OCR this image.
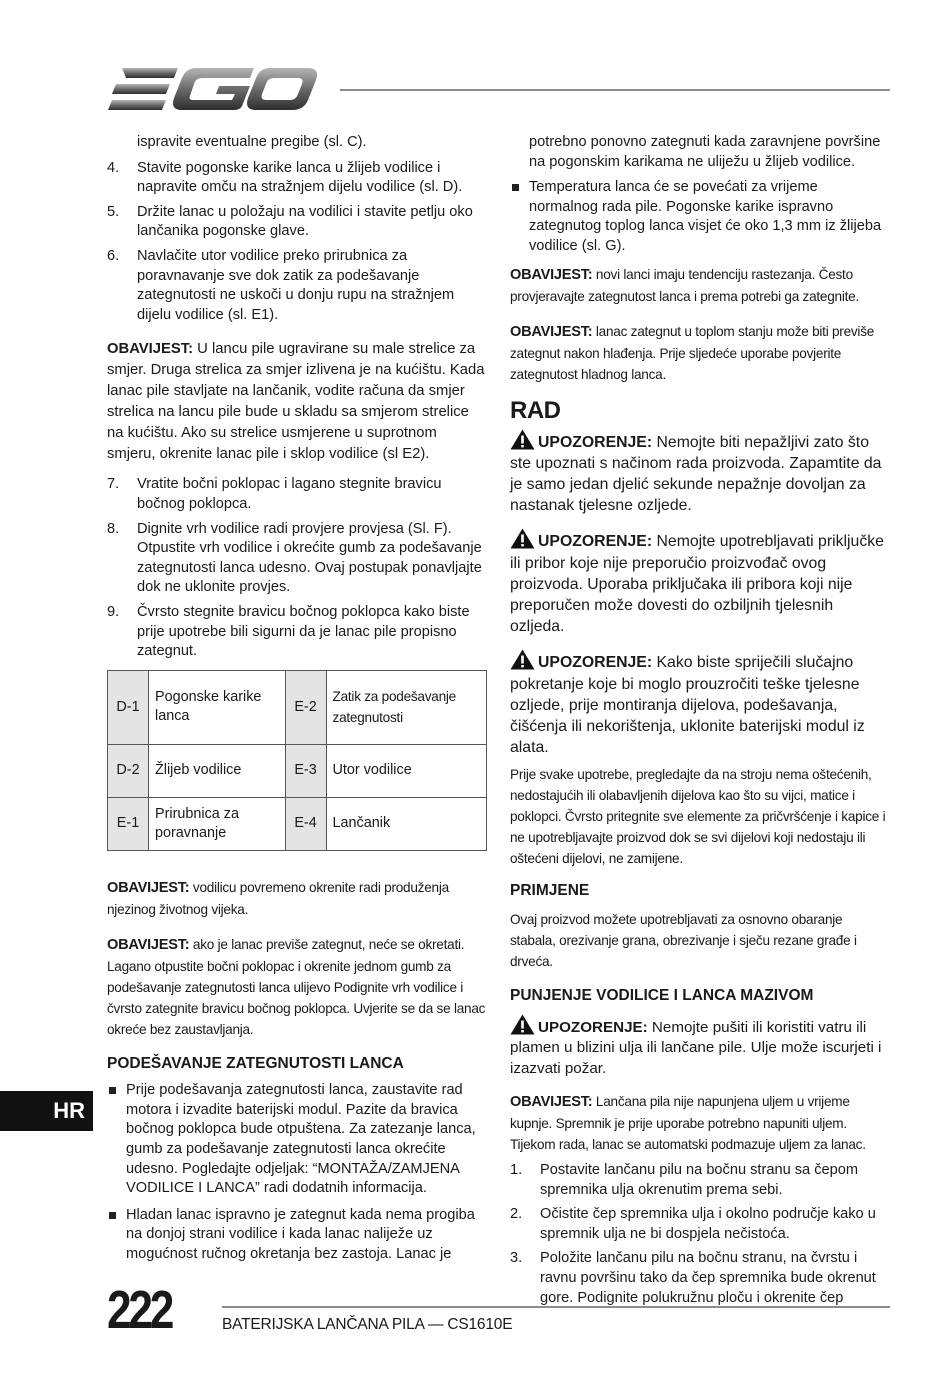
ispravite eventualne pregibe (sl. C).

4. Stavite pogonske karike lanca u žlijeb vodilice i napravite omču na stražnjem dijelu vodilice (sl. D).
5. Držite lanac u položaju na vodilici i stavite petlju oko lančanika pogonske glave.
6. Navlačite utor vodilice preko prirubnica za poravnavanje sve dok zatik za podešavanje zategnutosti ne uskoči u donju rupu na stražnjem dijelu vodilice (sl. E1).

OBAVIJEST: U lancu pile ugravirane su male strelice za smjer. Druga strelica za smjer izlivena je na kućištu. Kada lanac pile stavljate na lančanik, vodite računa da smjer strelica na lancu pile bude u skladu sa smjerom strelice na kućištu. Ako su strelice usmjerene u suprotnom smjeru, okrenite lanac pile i sklop vodilice (sl E2).

7. Vratite bočni poklopac i lagano stegnite bravicu bočnog poklopca.
8. Dignite vrh vodilice radi provjere provjesa (Sl. F). Otpustite vrh vodilice i okrećite gumb za podešavanje zategnutosti lanca udesno. Ovaj postupak ponavljajte dok ne uklonite provjes.
9. Čvrsto stegnite bravicu bočnog poklopca kako biste prije upotrebe bili sigurni da je lanac pile propisno zategnut.
D-1	Pogonske karike lanca	E-2	Zatik za podešavanje zategnutosti
D-2	Žlijeb vodilice	E-3	Utor vodilice
E-1	Prirubnica za poravnanje	E-4	Lančanik

OBAVIJEST: vodilicu povremeno okrenite radi produženja njezinog životnog vijeka.

OBAVIJEST: ako je lanac previše zategnut, neće se okretati. Lagano otpustite bočni poklopac i okrenite jednom gumb za podešavanje zategnutosti lanca ulijevo Podignite vrh vodilice i čvrsto zategnite bravicu bočnog poklopca. Uvjerite se da se lanac okreće bez zaustavljanja.

PODEŠAVANJE ZATEGNUTOSTI LANCA
Prije podešavanja zategnutosti lanca, zaustavite rad motora i izvadite baterijski modul. Pazite da bravica bočnog poklopca bude otpuštena. Za zatezanje lanca, gumb za podešavanje zategnutosti lanca okrećite udesno. Pogledajte odjeljak: “MONTAŽA/ZAMJENA VODILICE I LANCA” radi dodatnih informacija.
Hladan lanac ispravno je zategnut kada nema progiba na donjoj strani vodilice i kada lanac naliježe uz mogućnost ručnog okretanja bez zastoja. Lanac je

potrebno ponovno zategnuti kada zaravnjene površine na pogonskim karikama ne uliježu u žlijeb vodilice.

Temperatura lanca će se povećati za vrijeme normalnog rada pile. Pogonske karike ispravno zategnutog toplog lanca visjet će oko 1,3 mm iz žlijeba vodilice (sl. G).

OBAVIJEST: novi lanci imaju tendenciju rastezanja. Često provjeravajte zategnutost lanca i prema potrebi ga zategnite.

OBAVIJEST: lanac zategnut u toplom stanju može biti previše zategnut nakon hlađenja. Prije sljedeće uporabe povjerite zategnutost hladnog lanca.

RAD

UPOZORENJE: Nemojte biti nepažljivi zato što ste upoznati s načinom rada proizvoda. Zapamtite da je samo jedan djelić sekunde nepažnje dovoljan za nastanak tjelesne ozljede.

UPOZORENJE: Nemojte upotrebljavati priključke ili pribor koje nije preporučio proizvođač ovog proizvoda. Uporaba priključaka ili pribora koji nije preporučen može dovesti do ozbiljnih tjelesnih ozljeda.

UPOZORENJE: Kako biste spriječili slučajno pokretanje koje bi moglo prouzročiti teške tjelesne ozljede, prije montiranja dijelova, podešavanja, čišćenja ili nekorištenja, uklonite baterijski modul iz alata.

Prije svake upotrebe, pregledajte da na stroju nema oštećenih, nedostajućih ili olabavljenih dijelova kao što su vijci, matice i poklopci. Čvrsto pritegnite sve elemente za pričvršćenje i kapice i ne upotrebljavajte proizvod dok se svi dijelovi koji nedostaju ili oštećeni dijelovi, ne zamijene.

PRIMJENE

Ovaj proizvod možete upotrebljavati za osnovno obaranje stabala, orezivanje grana, obrezivanje i sječu rezane građe i drveća.

PUNJENJE VODILICE I LANCA MAZIVOM

UPOZORENJE: Nemojte pušiti ili koristiti vatru ili plamen u blizini ulja ili lančane pile. Ulje može iscurjeti i izazvati požar.

OBAVIJEST: Lančana pila nije napunjena uljem u vrijeme kupnje. Spremnik je prije uporabe potrebno napuniti uljem. Tijekom rada, lanac se automatski podmazuje uljem za lanac.

1. Postavite lančanu pilu na bočnu stranu sa čepom spremnika ulja okrenutim prema sebi.
2. Očistite čep spremnika ulja i okolno područje kako u spremnik ulja ne bi dospjela nečistoća.
3. Položite lančanu pilu na bočnu stranu, na čvrstu i ravnu površinu tako da čep spremnika bude okrenut gore. Podignite polukružnu ploču i okrenite čep
HR
222	BATERIJSKA LANČANA PILA — CS1610E
